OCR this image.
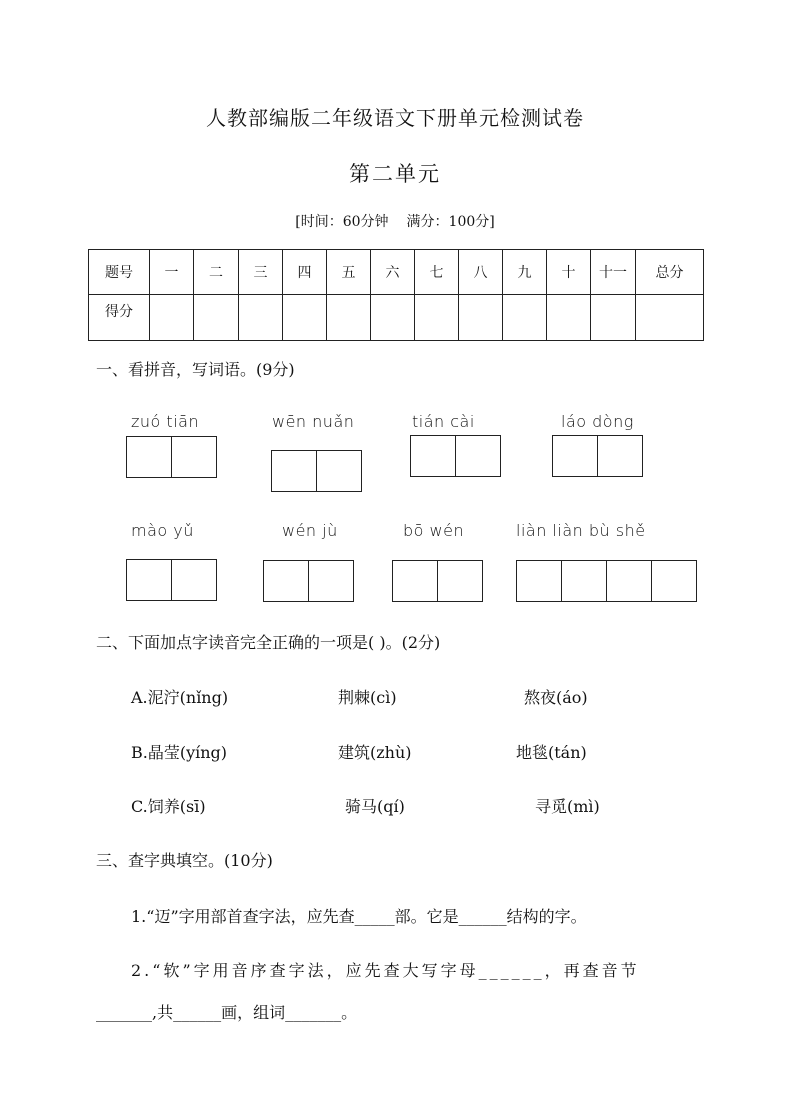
人教部编版二年级语文下册单元检测试卷
第二单元
[时间：60分钟 满分：100分]
题号	一	二	三	四	五	六	七	八	九	十	十一	总分
得分												
一、看拼音，写词语。(9分)
zuó tiān	wēn nuǎn	tián cài	láo dòng
mào yǔ	wén jù	bō wén	liàn liàn bù shě
二、下面加点字读音完全正确的一项是( )。(2分)
A.泥泞(nǐng)	荆棘(cì)	熬夜(áo)
B.晶莹(yíng)	建筑(zhù)	地毯(tán)
C.饲养(sī)	骑马(qí)	寻觅(mì)
三、查字典填空。(10分)
1.“迈”字用部首查字法，应先查_____部。它是______结构的字。
2.“软”字用音序查字法，应先查大写字母______，再查音节
_______,共______画，组词_______。
